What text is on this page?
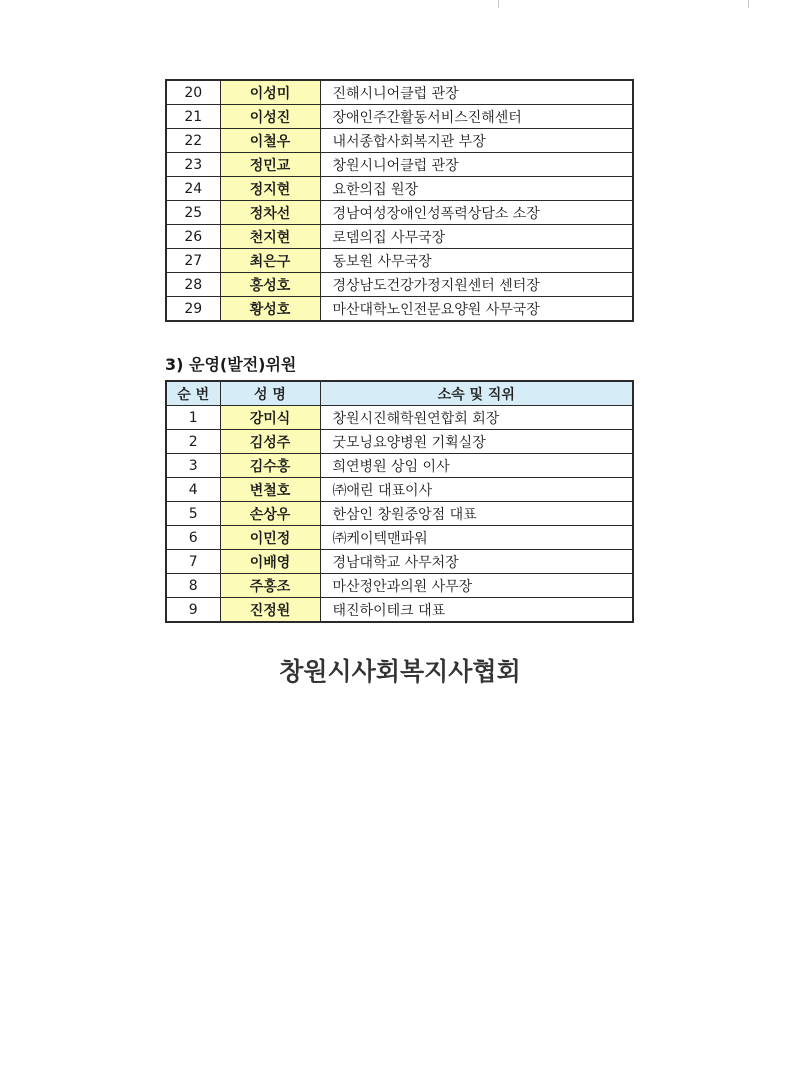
20	이성미	진해시니어클럽 관장
21	이성진	장애인주간활동서비스진해센터
22	이철우	내서종합사회복지관 부장
23	정민교	창원시니어클럽 관장
24	정지현	요한의집 원장
25	정차선	경남여성장애인성폭력상담소 소장
26	천지현	로뎀의집 사무국장
27	최은구	동보원 사무국장
28	홍성호	경상남도건강가정지원센터 센터장
29	황성호	마산대학노인전문요양원 사무국장
3) 운영(발전)위원
순 번	성 명	소속 및 직위
1	강미식	창원시진해학원연합회 회장
2	김성주	굿모닝요양병원 기획실장
3	김수홍	희연병원 상임 이사
4	변철호	㈜애린 대표이사
5	손상우	한삼인 창원중앙점 대표
6	이민정	㈜케이텍맨파워
7	이배영	경남대학교 사무처장
8	주홍조	마산정안과의원 사무장
9	진정원	태진하이테크 대표
창원시사회복지사협회
